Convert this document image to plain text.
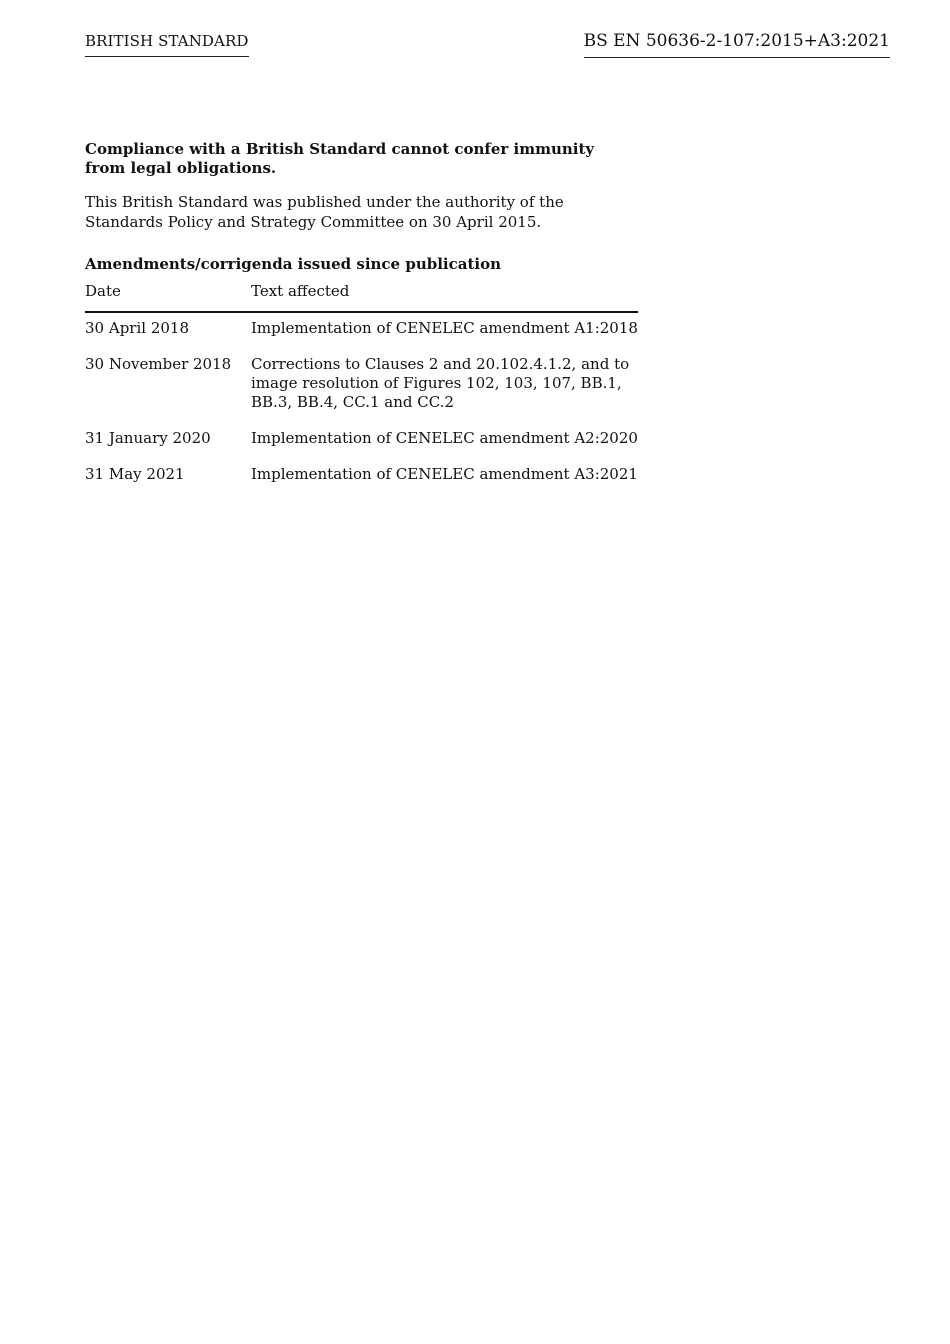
BRITISH STANDARD	BS EN 50636-2-107:2015+A3:2021

Compliance with a British Standard cannot confer immunity from legal obligations.

This British Standard was published under the authority of the Standards Policy and Strategy Committee on 30 April 2015.

Amendments/corrigenda issued since publication

Date	Text affected
30 April 2018	Implementation of CENELEC amendment A1:2018
30 November 2018	Corrections to Clauses 2 and 20.102.4.1.2, and to image resolution of Figures 102, 103, 107, BB.1, BB.3, BB.4, CC.1 and CC.2
31 January 2020	Implementation of CENELEC amendment A2:2020
31 May 2021	Implementation of CENELEC amendment A3:2021
